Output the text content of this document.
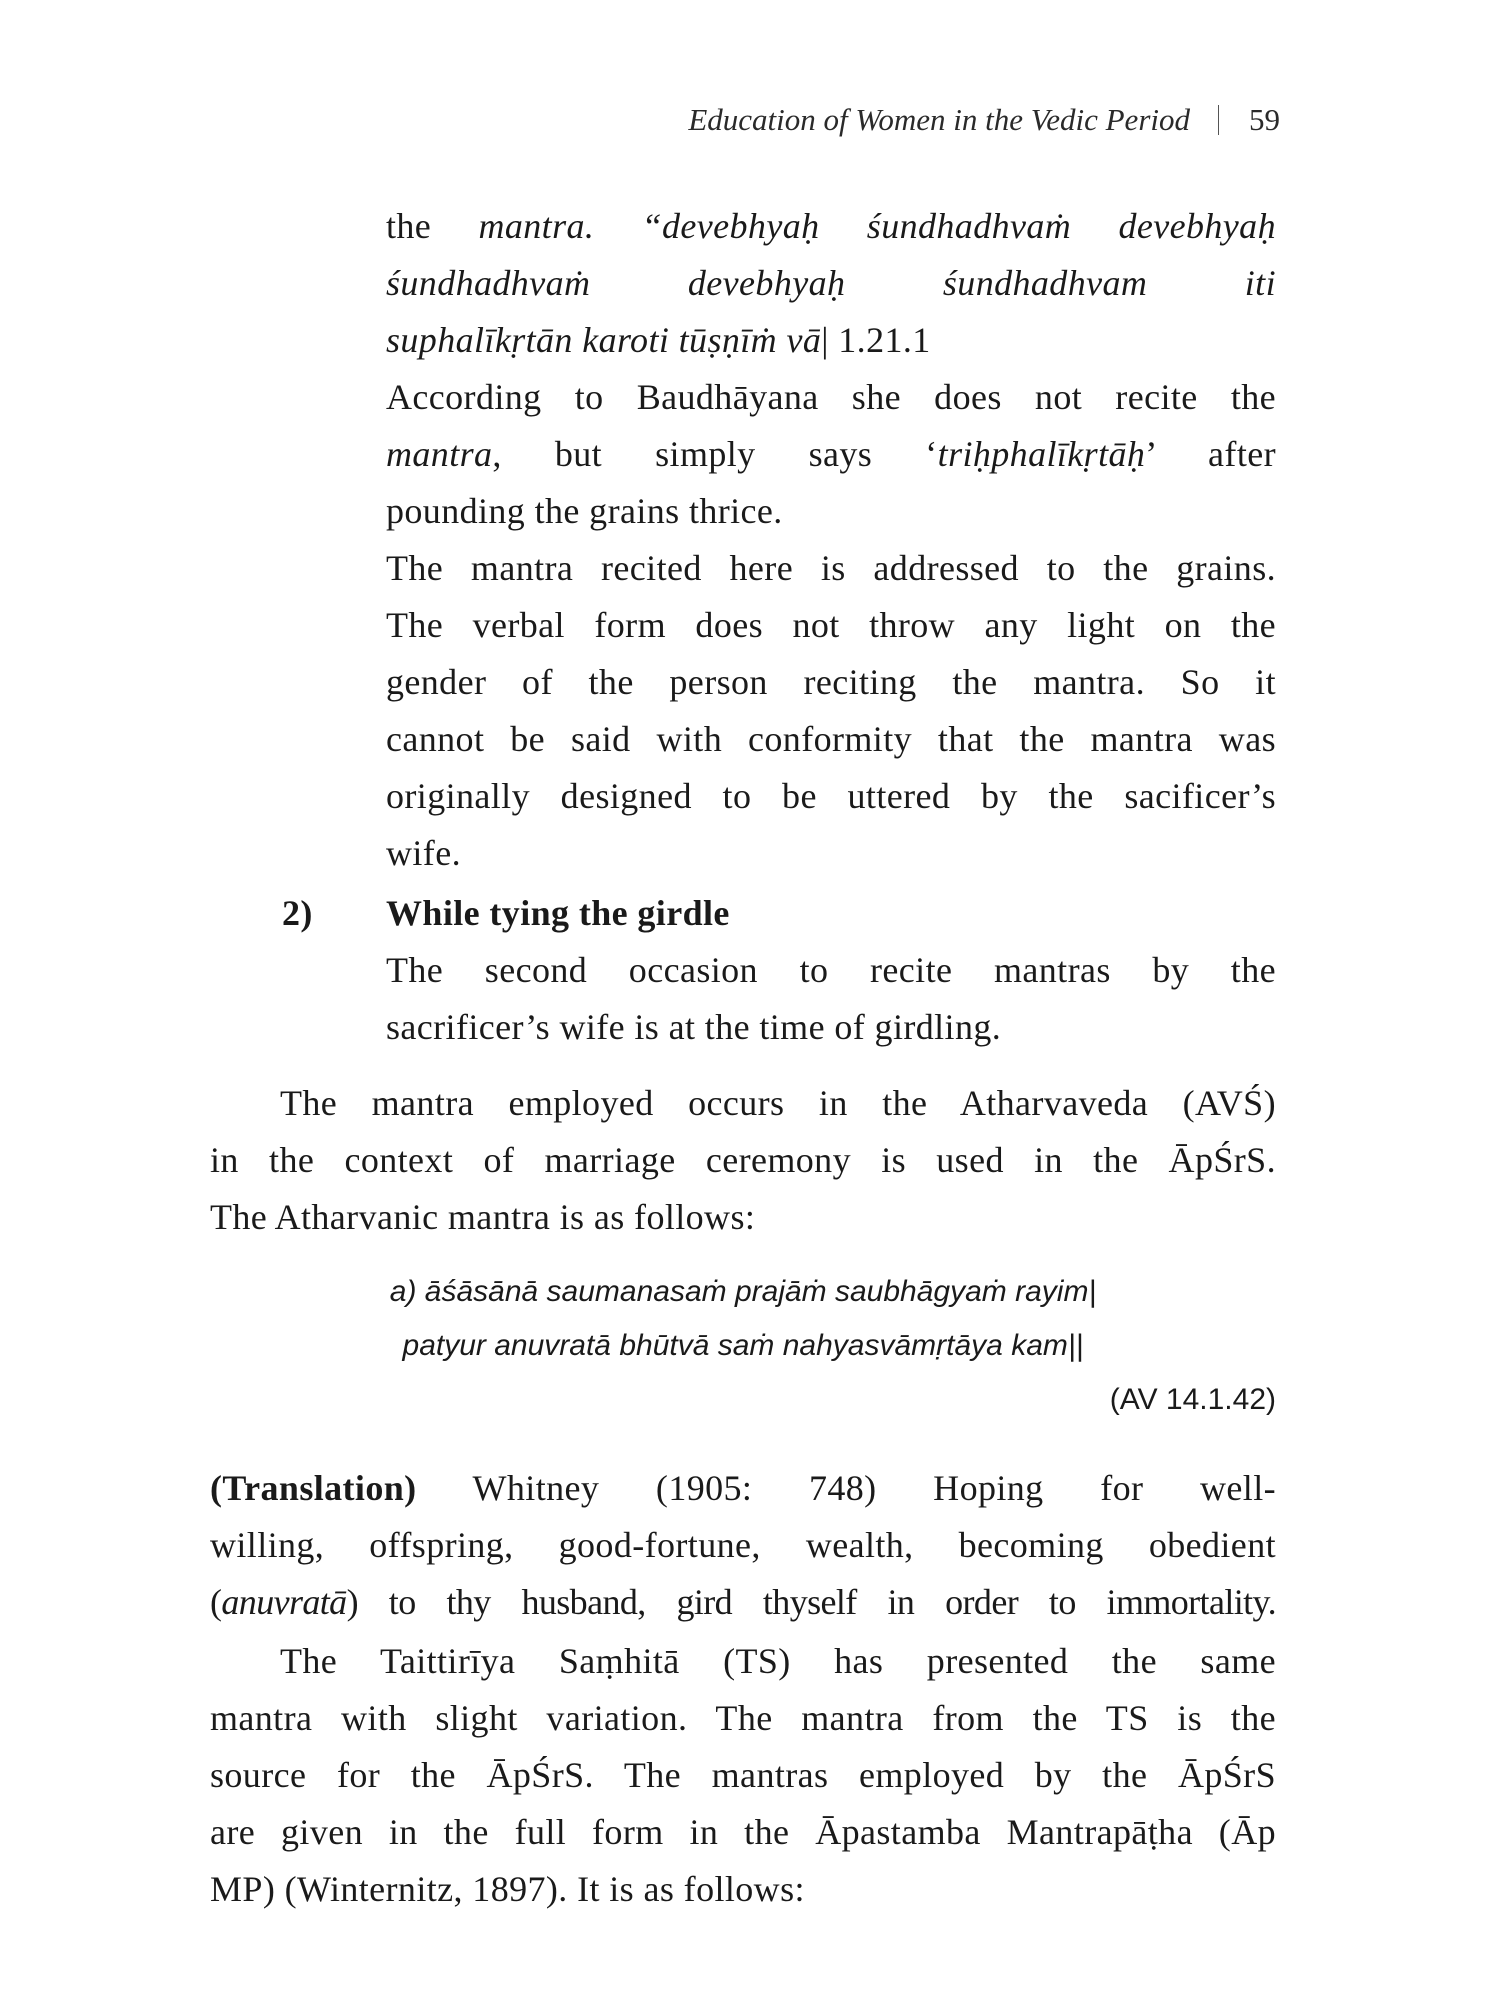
Education of Women in the Vedic Period 59
the mantra. “devebhyaḥ śundhadhvaṁ devebhyaḥ
śundhadhvaṁ devebhyaḥ śundhadhvam iti
suphalīkṛtān karoti tūṣṇīṁ vā| 1.21.1
According to Baudhāyana she does not recite the
mantra, but simply says ‘triḥphalīkṛtāḥ’ after
pounding the grains thrice.
The mantra recited here is addressed to the grains.
The verbal form does not throw any light on the
gender of the person reciting the mantra. So it
cannot be said with conformity that the mantra was
originally designed to be uttered by the sacificer’s
wife.
2) While tying the girdle
The second occasion to recite mantras by the
sacrificer’s wife is at the time of girdling.
The mantra employed occurs in the Atharvaveda (AVŚ)
in the context of marriage ceremony is used in the ĀpŚrS.
The Atharvanic mantra is as follows:
a) āśāsānā saumanasaṁ prajāṁ saubhāgyaṁ rayim|
patyur anuvratā bhūtvā saṁ nahyasvāmṛtāya kam||
(AV 14.1.42)
(Translation) Whitney (1905: 748) Hoping for well-
willing, offspring, good-fortune, wealth, becoming obedient
(anuvratā) to thy husband, gird thyself in order to immortality.
The Taittirīya Saṃhitā (TS) has presented the same
mantra with slight variation. The mantra from the TS is the
source for the ĀpŚrS. The mantras employed by the ĀpŚrS
are given in the full form in the Āpastamba Mantrapāṭha (Āp
MP) (Winternitz, 1897). It is as follows:
